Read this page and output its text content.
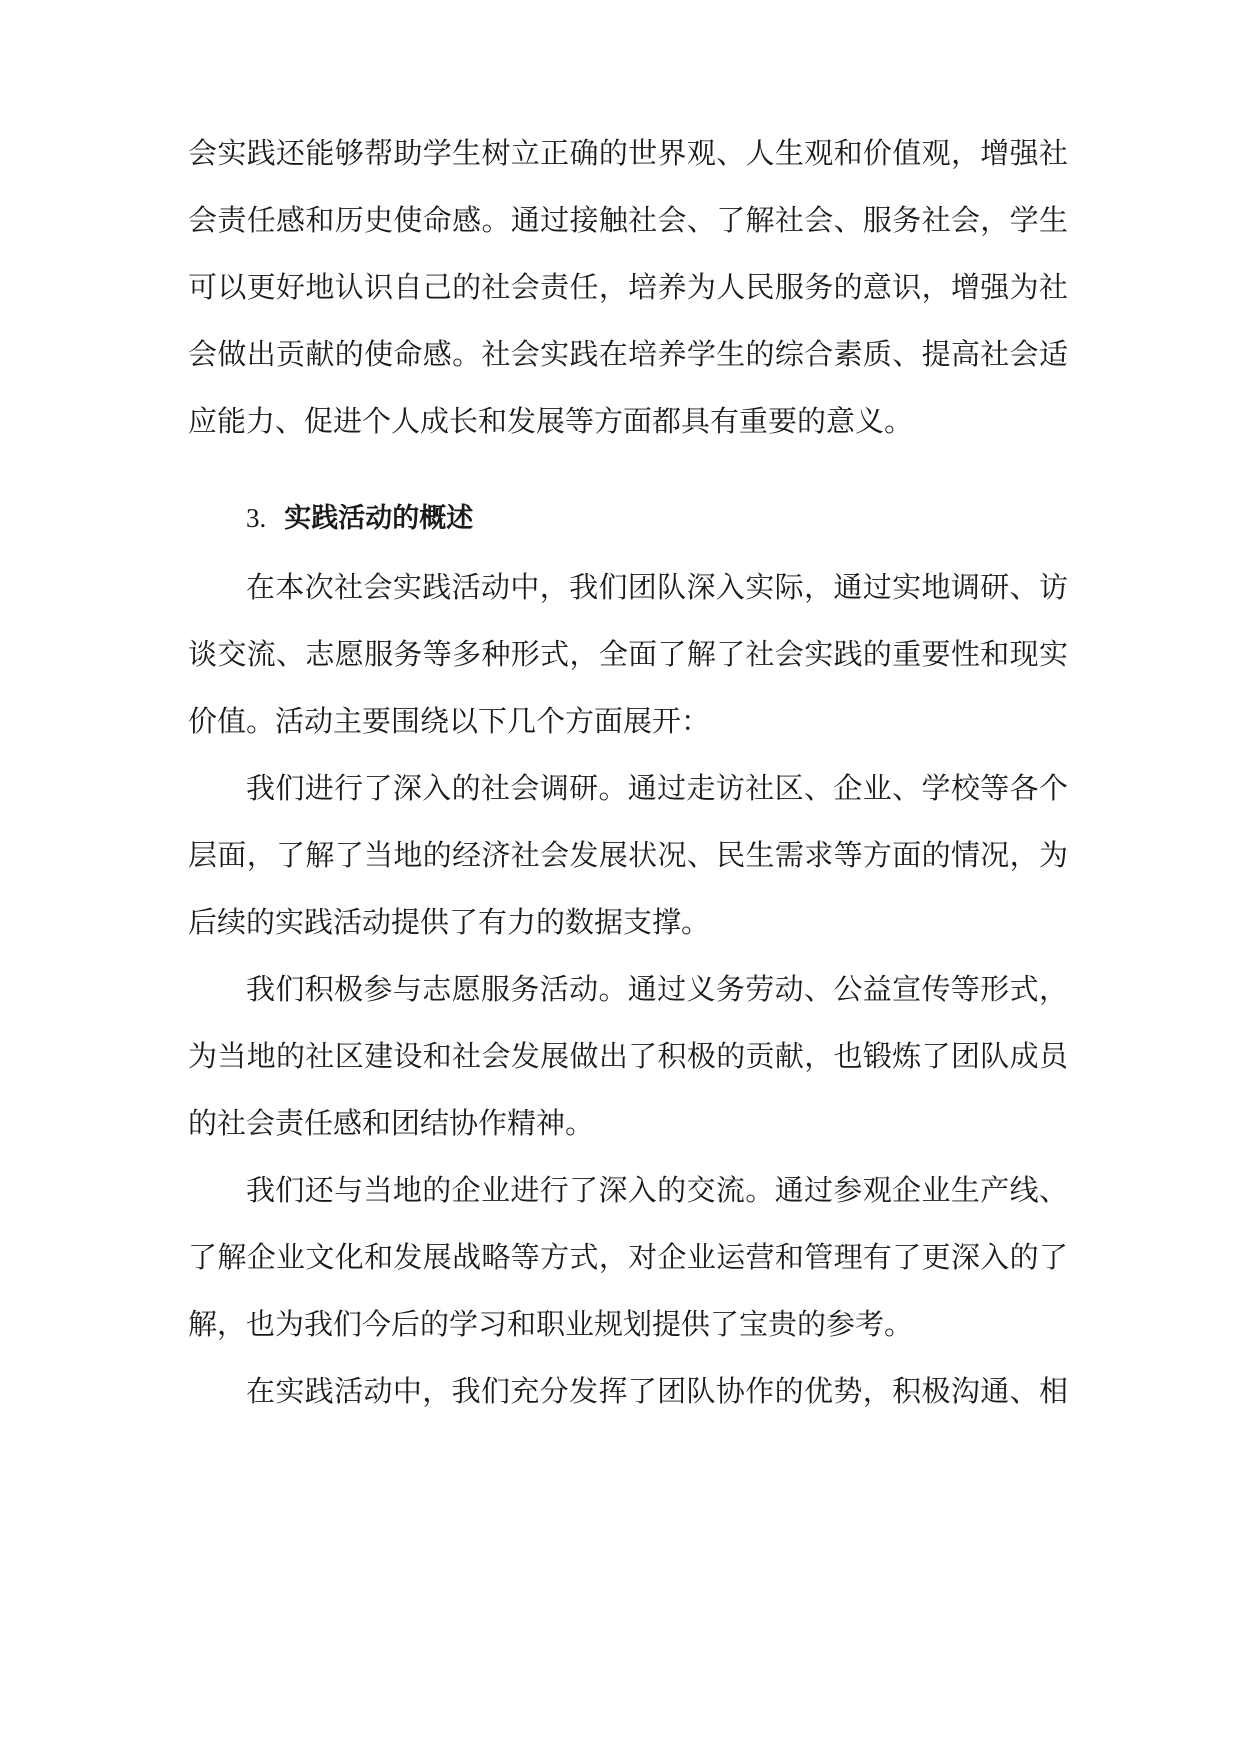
会实践还能够帮助学生树立正确的世界观、人生观和价值观，增强社

会责任感和历史使命感。通过接触社会、了解社会、服务社会，学生

可以更好地认识自己的社会责任，培养为人民服务的意识，增强为社

会做出贡献的使命感。社会实践在培养学生的综合素质、提高社会适

应能力、促进个人成长和发展等方面都具有重要的意义。

3. 实践活动的概述

在本次社会实践活动中，我们团队深入实际，通过实地调研、访

谈交流、志愿服务等多种形式，全面了解了社会实践的重要性和现实

价值。活动主要围绕以下几个方面展开：

我们进行了深入的社会调研。通过走访社区、企业、学校等各个

层面，了解了当地的经济社会发展状况、民生需求等方面的情况，为

后续的实践活动提供了有力的数据支撑。

我们积极参与志愿服务活动。通过义务劳动、公益宣传等形式，

为当地的社区建设和社会发展做出了积极的贡献，也锻炼了团队成员

的社会责任感和团结协作精神。

我们还与当地的企业进行了深入的交流。通过参观企业生产线、

了解企业文化和发展战略等方式，对企业运营和管理有了更深入的了

解，也为我们今后的学习和职业规划提供了宝贵的参考。

在实践活动中，我们充分发挥了团队协作的优势，积极沟通、相
